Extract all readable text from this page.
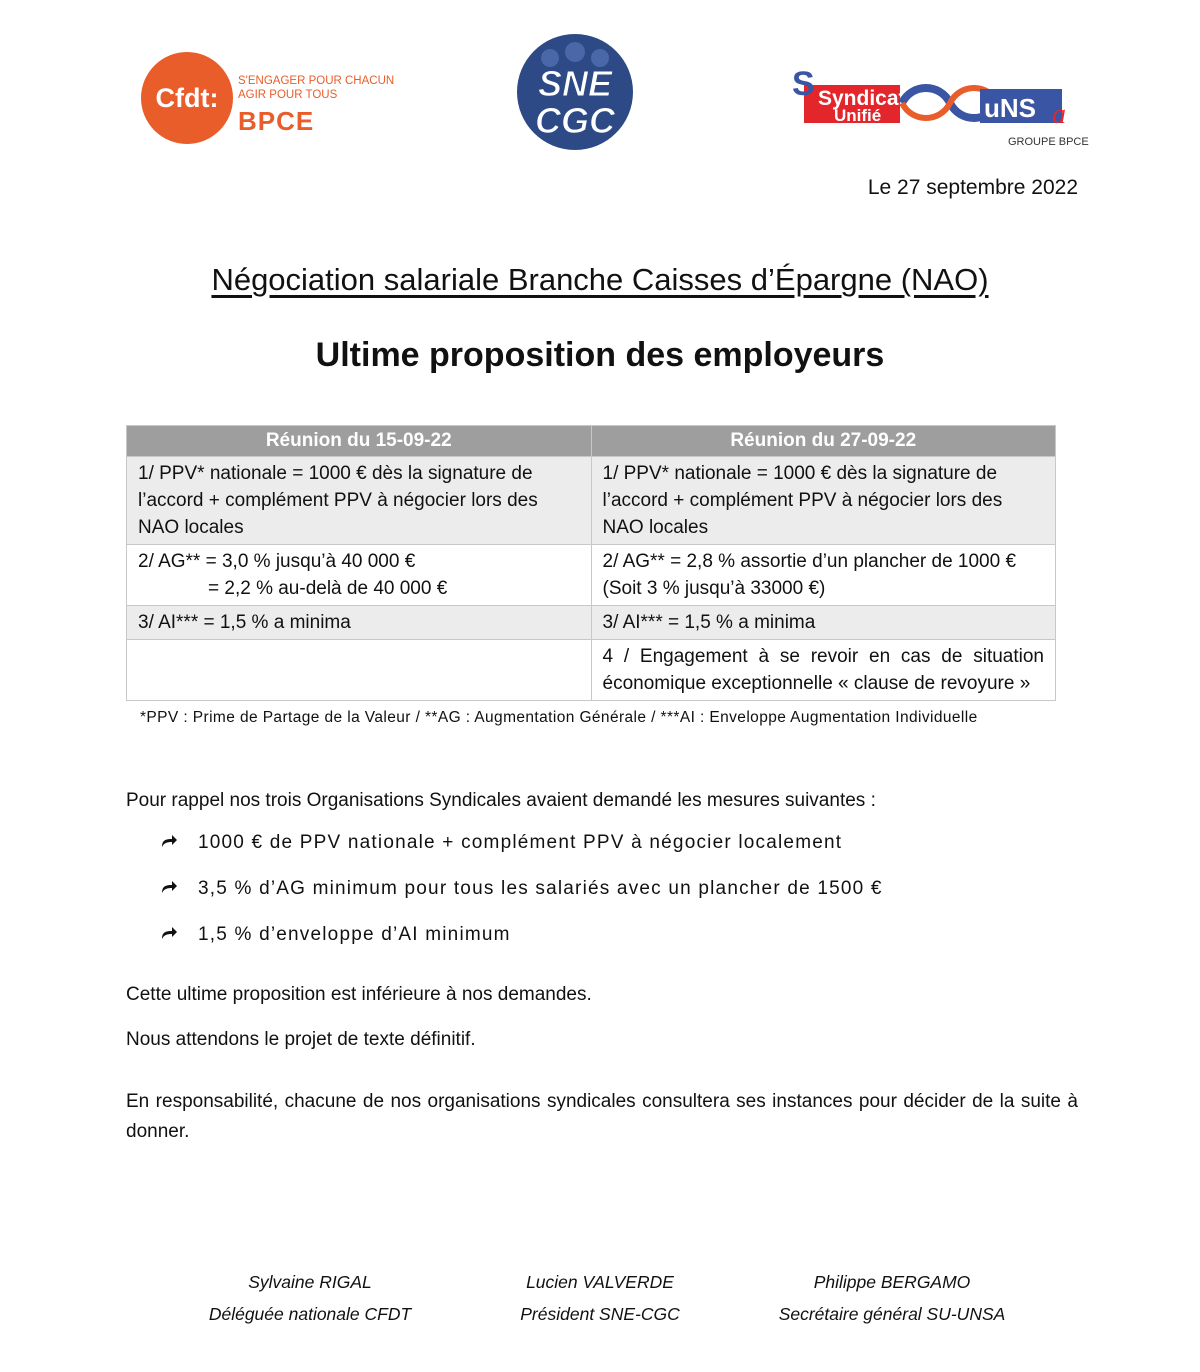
Cfdt:
S'ENGAGER POUR CHACUN
AGIR POUR TOUS
BPCE
SNE
CGC
S Syndicat
Unifié	uNS a
GROUPE BPCE
Le 27 septembre 2022
Négociation salariale Branche Caisses d’Épargne (NAO)
Ultime proposition des employeurs
Réunion du 15-09-22	Réunion du 27-09-22
1/ PPV* nationale = 1000 € dès la signature de l’accord + complément PPV à négocier lors des NAO locales	1/ PPV* nationale = 1000 € dès la signature de l’accord + complément PPV à négocier lors des NAO locales
2/ AG** = 3,0 % jusqu’à 40 000 €
= 2,2 % au-delà de 40 000 €	2/ AG** = 2,8 % assortie d’un plancher de 1000 € (Soit 3 % jusqu’à 33000 €)
3/ AI*** = 1,5 % a minima	3/ AI*** = 1,5 % a minima
	4 / Engagement à se revoir en cas de situation économique exceptionnelle « clause de revoyure »
*PPV : Prime de Partage de la Valeur / **AG : Augmentation Générale / ***AI : Enveloppe Augmentation Individuelle
Pour rappel nos trois Organisations Syndicales avaient demandé les mesures suivantes :
1000 € de PPV nationale + complément PPV à négocier localement
3,5 % d’AG minimum pour tous les salariés avec un plancher de 1500 €
1,5 % d’enveloppe d’AI minimum
Cette ultime proposition est inférieure à nos demandes.
Nous attendons le projet de texte définitif.
En responsabilité, chacune de nos organisations syndicales consultera ses instances pour décider de la suite à donner.
Sylvaine RIGAL
Déléguée nationale CFDT
Lucien VALVERDE
Président SNE-CGC
Philippe BERGAMO
Secrétaire général SU-UNSA
